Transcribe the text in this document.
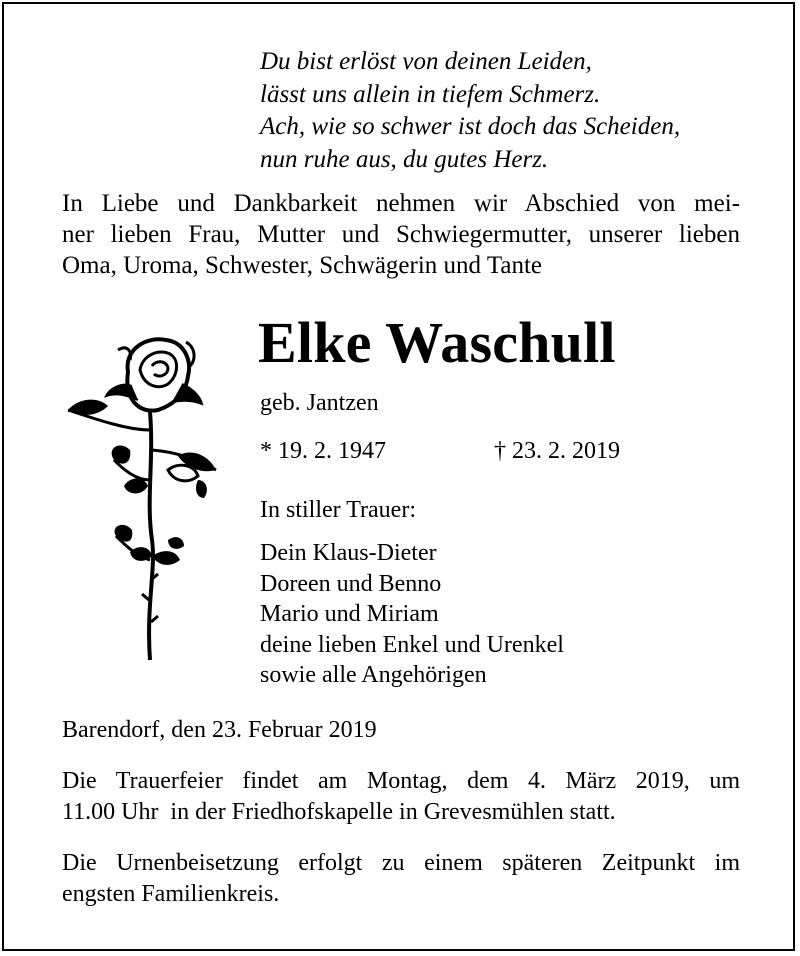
Du bist erlöst von deinen Leiden,
lässt uns allein in tiefem Schmerz.
Ach, wie so schwer ist doch das Scheiden,
nun ruhe aus, du gutes Herz.
In Liebe und Dankbarkeit nehmen wir Abschied von mei-
ner lieben Frau, Mutter und Schwiegermutter, unserer lieben
Oma, Uroma, Schwester, Schwägerin und Tante
Elke Waschull
geb. Jantzen
* 19. 2. 1947	† 23. 2. 2019
In stiller Trauer:
Dein Klaus-Dieter
Doreen und Benno
Mario und Miriam
deine lieben Enkel und Urenkel
sowie alle Angehörigen
Barendorf, den 23. Februar 2019
Die Trauerfeier findet am Montag, dem 4. März 2019, um
11.00 Uhr  in der Friedhofskapelle in Grevesmühlen statt.
Die Urnenbeisetzung erfolgt zu einem späteren Zeitpunkt im
engsten Familienkreis.
